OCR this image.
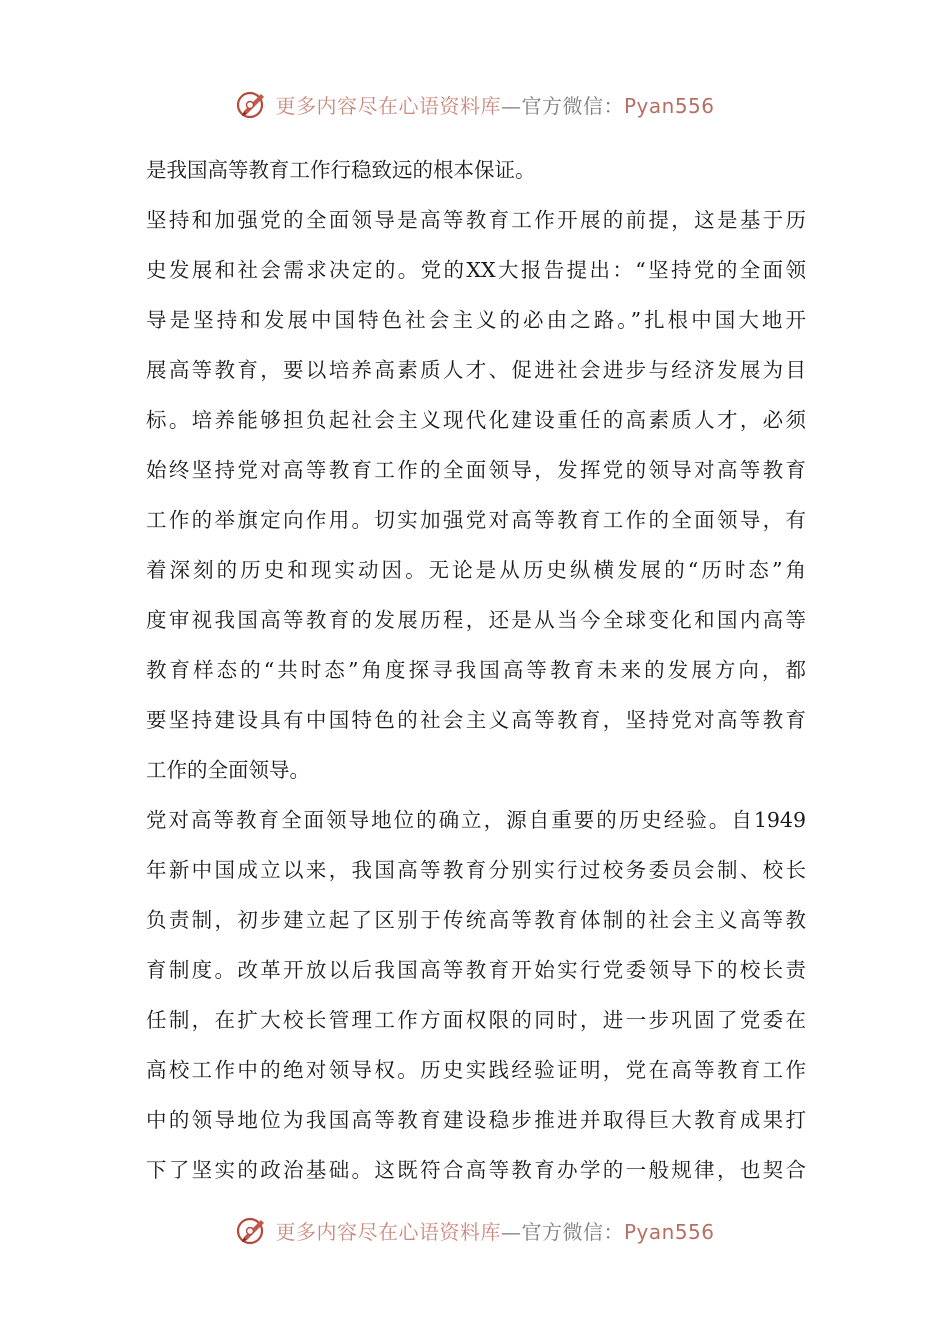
更多内容尽在心语资料库—官方微信：Pyan556
是我国高等教育工作行稳致远的根本保证。
坚持和加强党的全面领导是高等教育工作开展的前提，这是基于历
史发展和社会需求决定的。党的XX大报告提出：“坚持党的全面领
导是坚持和发展中国特色社会主义的必由之路。”扎根中国大地开
展高等教育，要以培养高素质人才、促进社会进步与经济发展为目
标。培养能够担负起社会主义现代化建设重任的高素质人才，必须
始终坚持党对高等教育工作的全面领导，发挥党的领导对高等教育
工作的举旗定向作用。切实加强党对高等教育工作的全面领导，有
着深刻的历史和现实动因。无论是从历史纵横发展的“历时态”角
度审视我国高等教育的发展历程，还是从当今全球变化和国内高等
教育样态的“共时态”角度探寻我国高等教育未来的发展方向，都
要坚持建设具有中国特色的社会主义高等教育，坚持党对高等教育
工作的全面领导。
党对高等教育全面领导地位的确立，源自重要的历史经验。自1949
年新中国成立以来，我国高等教育分别实行过校务委员会制、校长
负责制，初步建立起了区别于传统高等教育体制的社会主义高等教
育制度。改革开放以后我国高等教育开始实行党委领导下的校长责
任制，在扩大校长管理工作方面权限的同时，进一步巩固了党委在
高校工作中的绝对领导权。历史实践经验证明，党在高等教育工作
中的领导地位为我国高等教育建设稳步推进并取得巨大教育成果打
下了坚实的政治基础。这既符合高等教育办学的一般规律，也契合
更多内容尽在心语资料库—官方微信：Pyan556
